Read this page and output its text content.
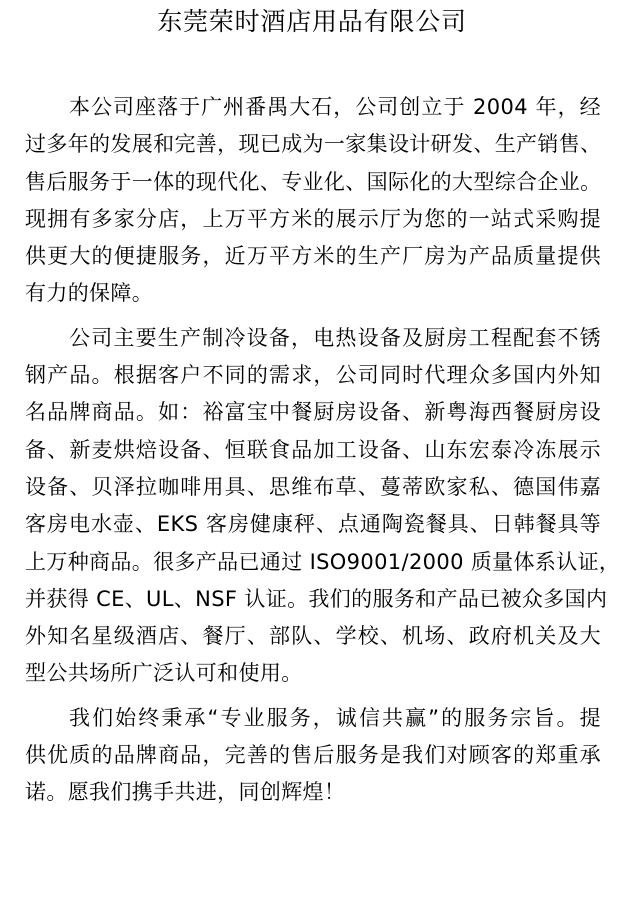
东莞荣时酒店用品有限公司
本公司座落于广州番禺大石，公司创立于 2004 年，经
过多年的发展和完善，现已成为一家集设计研发、生产销售、
售后服务于一体的现代化、专业化、国际化的大型综合企业。
现拥有多家分店，上万平方米的展示厅为您的一站式采购提
供更大的便捷服务，近万平方米的生产厂房为产品质量提供
有力的保障。
公司主要生产制冷设备，电热设备及厨房工程配套不锈
钢产品。根据客户不同的需求，公司同时代理众多国内外知
名品牌商品。如：裕富宝中餐厨房设备、新粤海西餐厨房设
备、新麦烘焙设备、恒联食品加工设备、山东宏泰冷冻展示
设备、贝泽拉咖啡用具、思维布草、蔓蒂欧家私、德国伟嘉
客房电水壶、EKS 客房健康秤、点通陶瓷餐具、日韩餐具等
上万种商品。很多产品已通过 ISO9001/2000 质量体系认证，
并获得 CE、UL、NSF 认证。我们的服务和产品已被众多国内
外知名星级酒店、餐厅、部队、学校、机场、政府机关及大
型公共场所广泛认可和使用。
我们始终秉承“专业服务，诚信共赢”的服务宗旨。提
供优质的品牌商品，完善的售后服务是我们对顾客的郑重承
诺。愿我们携手共进，同创辉煌！
